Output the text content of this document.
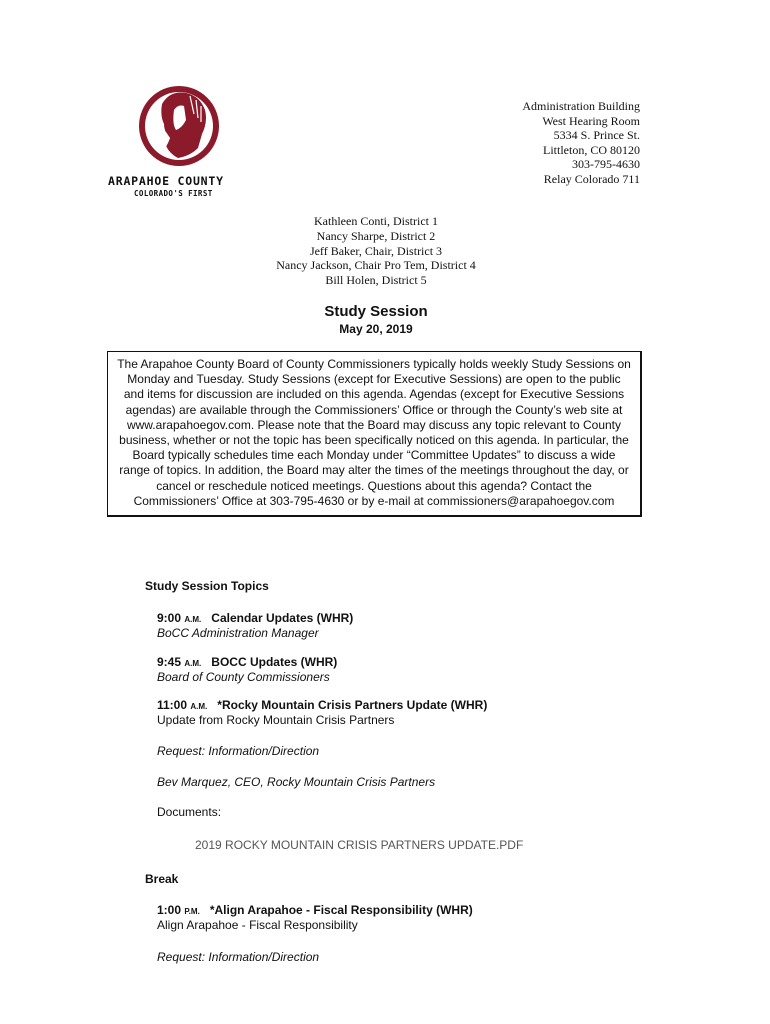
ARAPAHOE COUNTY
COLORADO'S FIRST
Administration Building
West Hearing Room
5334 S. Prince St.
Littleton, CO 80120
303-795-4630
Relay Colorado 711
Kathleen Conti, District 1
Nancy Sharpe, District 2
Jeff Baker, Chair, District 3
Nancy Jackson, Chair Pro Tem, District 4
Bill Holen, District 5
Study Session
May 20, 2019
The Arapahoe County Board of County Commissioners typically holds weekly Study Sessions on
Monday and Tuesday. Study Sessions (except for Executive Sessions) are open to the public
and items for discussion are included on this agenda. Agendas (except for Executive Sessions
agendas) are available through the Commissioners’ Office or through the County’s web site at
www.arapahoegov.com. Please note that the Board may discuss any topic relevant to County
business, whether or not the topic has been specifically noticed on this agenda. In particular, the
Board typically schedules time each Monday under “Committee Updates” to discuss a wide
range of topics. In addition, the Board may alter the times of the meetings throughout the day, or
cancel or reschedule noticed meetings. Questions about this agenda? Contact the
Commissioners’ Office at 303-795-4630 or by e-mail at commissioners@arapahoegov.com
Study Session Topics
9:00 A.M. Calendar Updates (WHR)
BoCC Administration Manager
9:45 A.M. BOCC Updates (WHR)
Board of County Commissioners
11:00 A.M. *Rocky Mountain Crisis Partners Update (WHR)
Update from Rocky Mountain Crisis Partners
Request: Information/Direction
Bev Marquez, CEO, Rocky Mountain Crisis Partners
Documents:
2019 ROCKY MOUNTAIN CRISIS PARTNERS UPDATE.PDF
Break
1:00 P.M. *Align Arapahoe - Fiscal Responsibility (WHR)
Align Arapahoe - Fiscal Responsibility
Request: Information/Direction
